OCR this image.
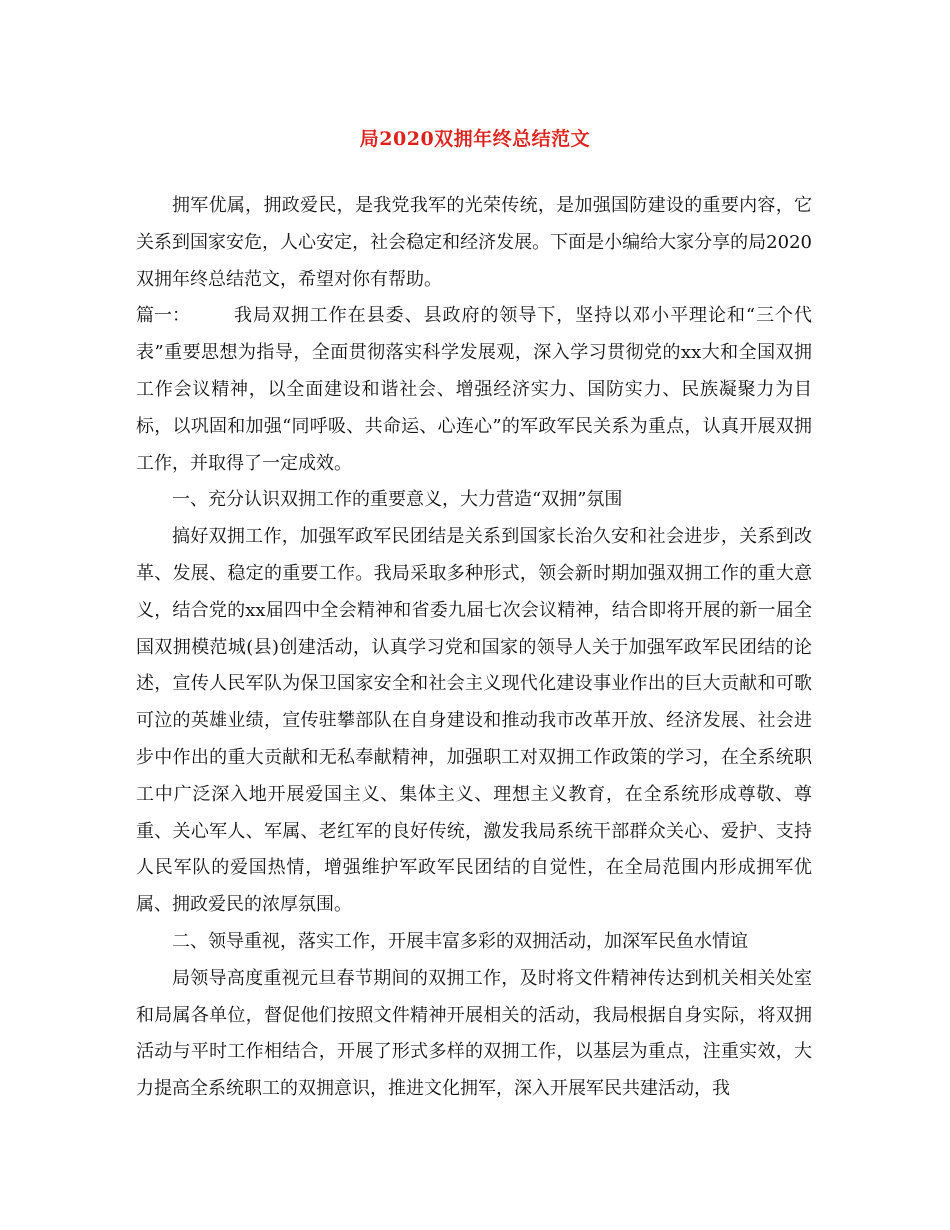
局2020双拥年终总结范文

拥军优属，拥政爱民，是我党我军的光荣传统，是加强国防建设的重要内容，它关系到国家安危，人心安定，社会稳定和经济发展。下面是小编给大家分享的局2020双拥年终总结范文，希望对你有帮助。

篇一： 我局双拥工作在县委、县政府的领导下，坚持以邓小平理论和“三个代表”重要思想为指导，全面贯彻落实科学发展观，深入学习贯彻党的xx大和全国双拥工作会议精神，以全面建设和谐社会、增强经济实力、国防实力、民族凝聚力为目标，以巩固和加强“同呼吸、共命运、心连心”的军政军民关系为重点，认真开展双拥工作，并取得了一定成效。

一、充分认识双拥工作的重要意义，大力营造“双拥”氛围

搞好双拥工作，加强军政军民团结是关系到国家长治久安和社会进步，关系到改革、发展、稳定的重要工作。我局采取多种形式，领会新时期加强双拥工作的重大意义，结合党的xx届四中全会精神和省委九届七次会议精神，结合即将开展的新一届全国双拥模范城(县)创建活动，认真学习党和国家的领导人关于加强军政军民团结的论述，宣传人民军队为保卫国家安全和社会主义现代化建设事业作出的巨大贡献和可歌可泣的英雄业绩，宣传驻攀部队在自身建设和推动我市改革开放、经济发展、社会进步中作出的重大贡献和无私奉献精神，加强职工对双拥工作政策的学习，在全系统职工中广泛深入地开展爱国主义、集体主义、理想主义教育，在全系统形成尊敬、尊重、关心军人、军属、老红军的良好传统，激发我局系统干部群众关心、爱护、支持人民军队的爱国热情，增强维护军政军民团结的自觉性，在全局范围内形成拥军优属、拥政爱民的浓厚氛围。

二、领导重视，落实工作，开展丰富多彩的双拥活动，加深军民鱼水情谊

局领导高度重视元旦春节期间的双拥工作，及时将文件精神传达到机关相关处室和局属各单位，督促他们按照文件精神开展相关的活动，我局根据自身实际，将双拥活动与平时工作相结合，开展了形式多样的双拥工作，以基层为重点，注重实效，大力提高全系统职工的双拥意识，推进文化拥军，深入开展军民共建活动，我
